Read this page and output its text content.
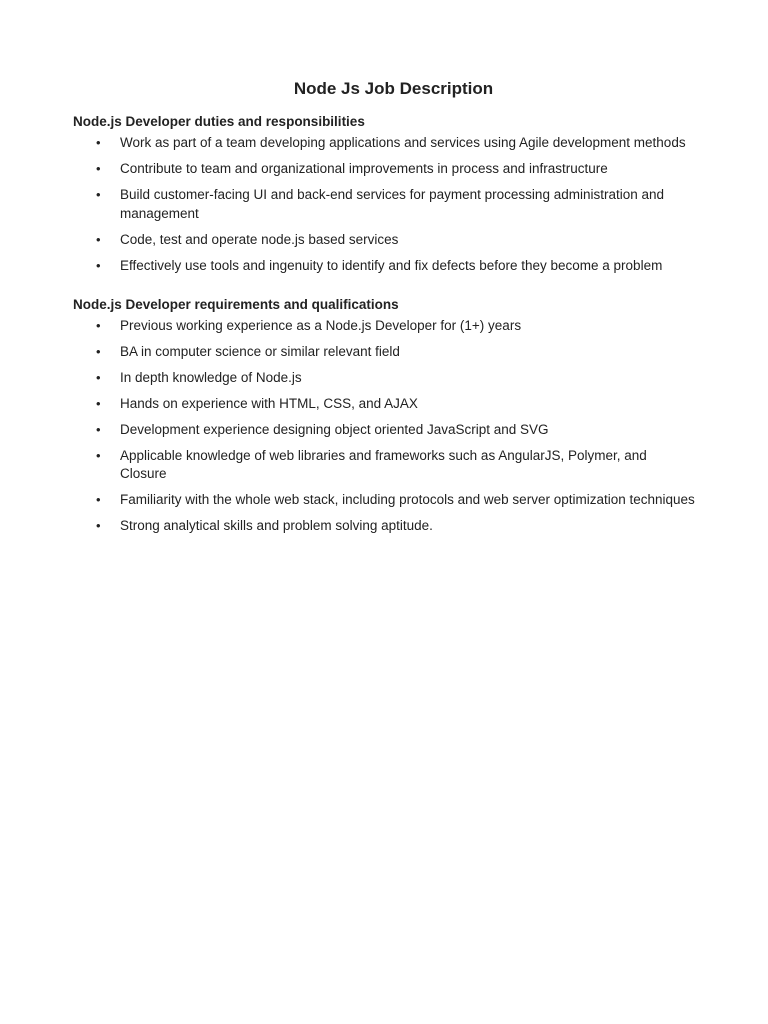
Node Js Job Description
Node.js Developer duties and responsibilities
• Work as part of a team developing applications and services using Agile development methods
• Contribute to team and organizational improvements in process and infrastructure
• Build customer-facing UI and back-end services for payment processing administration and management
• Code, test and operate node.js based services
• Effectively use tools and ingenuity to identify and fix defects before they become a problem
Node.js Developer requirements and qualifications
• Previous working experience as a Node.js Developer for (1+) years
• BA in computer science or similar relevant field
• In depth knowledge of Node.js
• Hands on experience with HTML, CSS, and AJAX
• Development experience designing object oriented JavaScript and SVG
• Applicable knowledge of web libraries and frameworks such as AngularJS, Polymer, and Closure
• Familiarity with the whole web stack, including protocols and web server optimization techniques
• Strong analytical skills and problem solving aptitude.
